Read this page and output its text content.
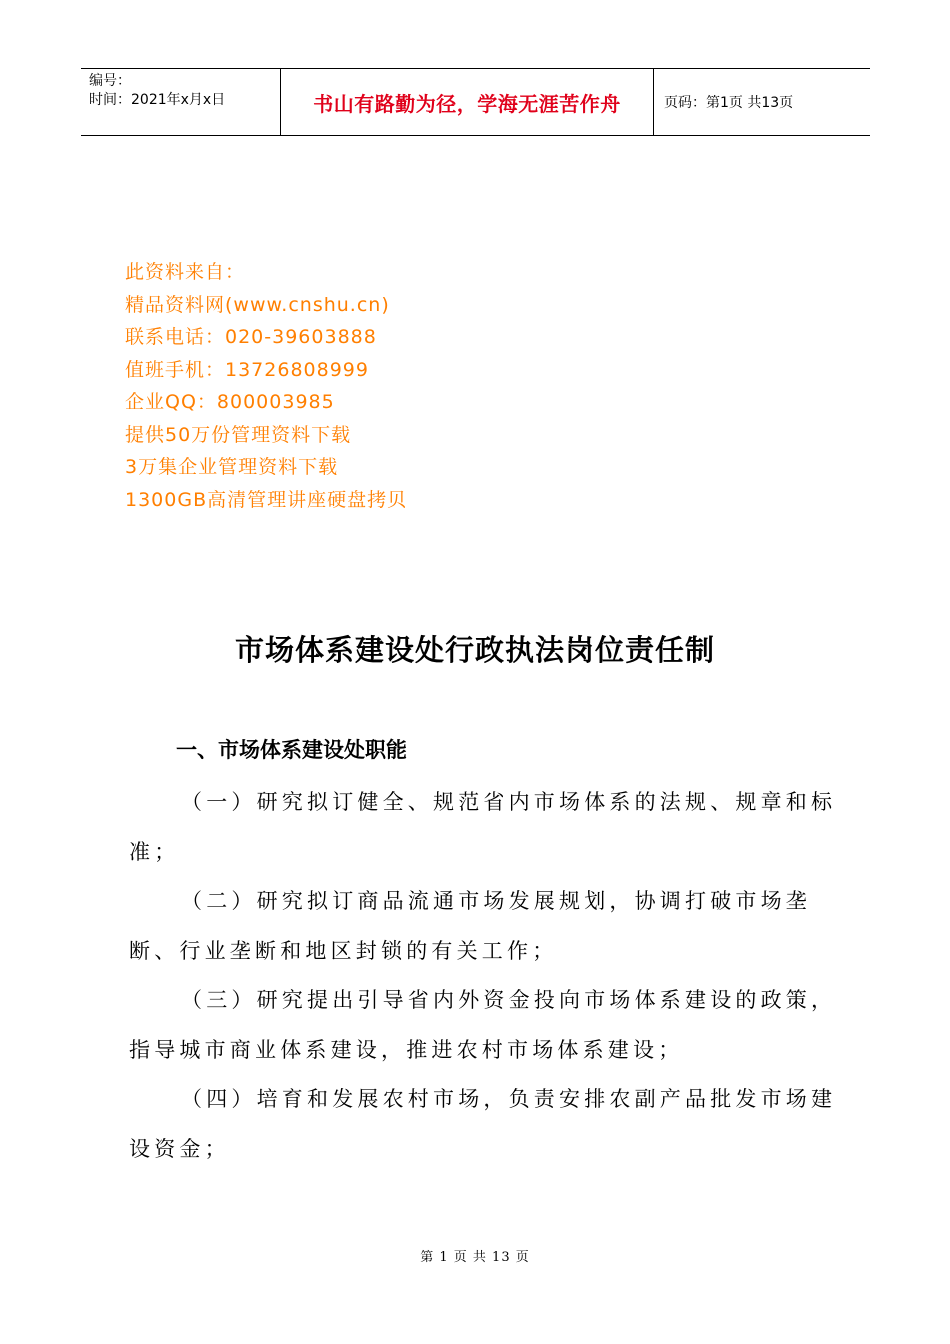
编号：
时间：2021年x月x日	书山有路勤为径，学海无涯苦作舟	页码：第1页 共13页
此资料来自：
精品资料网(www.cnshu.cn)
联系电话：020-39603888
值班手机：13726808999
企业QQ：800003985
提供50万份管理资料下载
3万集企业管理资料下载
1300GB高清管理讲座硬盘拷贝
市场体系建设处行政执法岗位责任制
一、市场体系建设处职能

（一）研究拟订健全、规范省内市场体系的法规、规章和标准；

（二）研究拟订商品流通市场发展规划，协调打破市场垄断、行业垄断和地区封锁的有关工作；

（三）研究提出引导省内外资金投向市场体系建设的政策，指导城市商业体系建设，推进农村市场体系建设；

（四）培育和发展农村市场，负责安排农副产品批发市场建设资金；

第 1 页 共 13 页
